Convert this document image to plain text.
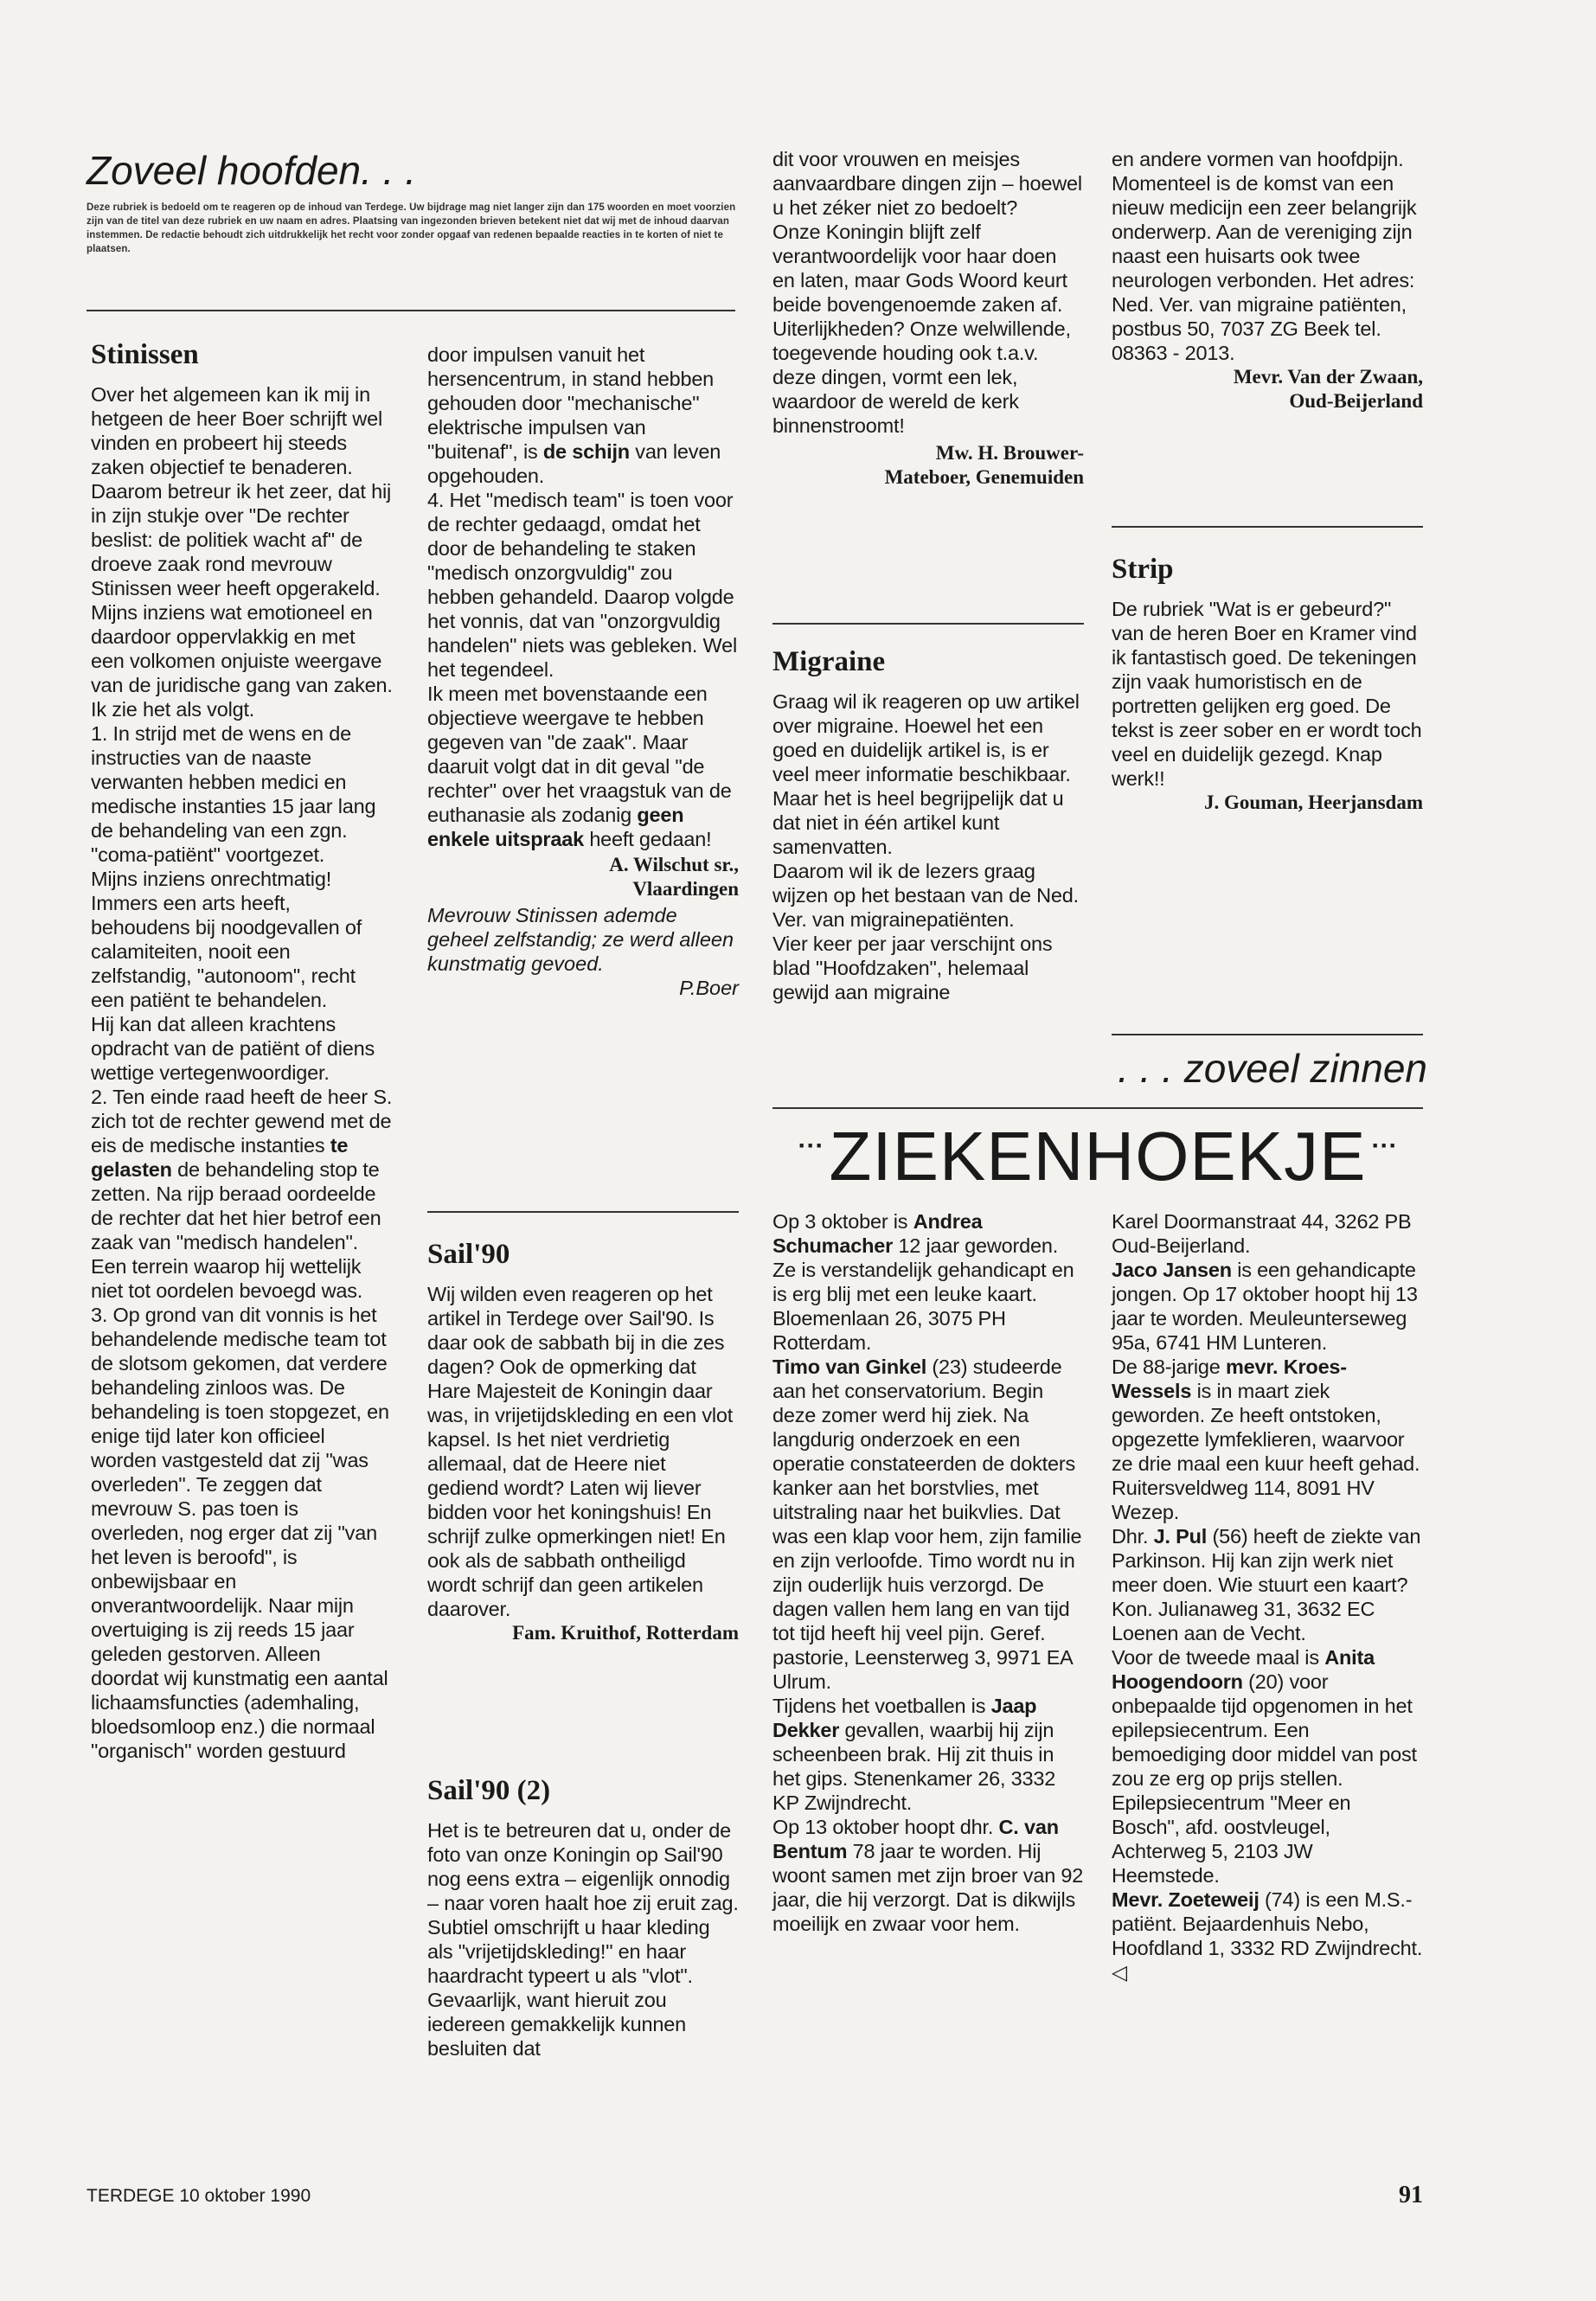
Zoveel hoofden. . .

Deze rubriek is bedoeld om te reageren op de inhoud van Terdege. Uw bijdrage mag niet langer zijn dan 175 woorden en moet voorzien zijn van de titel van deze rubriek en uw naam en adres. Plaatsing van ingezonden brieven betekent niet dat wij met de inhoud daarvan instemmen. De redactie behoudt zich uitdrukkelijk het recht voor zonder opgaaf van redenen bepaalde reacties in te korten of niet te plaatsen.

Stinissen

Over het algemeen kan ik mij in hetgeen de heer Boer schrijft wel vinden en probeert hij steeds zaken objectief te benaderen.

Daarom betreur ik het zeer, dat hij in zijn stukje over "De rechter beslist: de politiek wacht af" de droeve zaak rond mevrouw Stinissen weer heeft opgerakeld.

Mijns inziens wat emotioneel en daardoor oppervlakkig en met een volkomen onjuiste weergave van de juridische gang van zaken. Ik zie het als volgt.

1. In strijd met de wens en de instructies van de naaste verwanten hebben medici en medische instanties 15 jaar lang de behandeling van een zgn. "coma-patiënt" voortgezet.

Mijns inziens onrechtmatig! Immers een arts heeft, behoudens bij noodgevallen of calamiteiten, nooit een zelfstandig, "autonoom", recht een patiënt te behandelen.

Hij kan dat alleen krachtens opdracht van de patiënt of diens wettige vertegenwoordiger.

2. Ten einde raad heeft de heer S. zich tot de rechter gewend met de eis de medische instanties te gelasten de behandeling stop te zetten. Na rijp beraad oordeelde de rechter dat het hier betrof een zaak van "medisch handelen". Een terrein waarop hij wettelijk niet tot oordelen bevoegd was.

3. Op grond van dit vonnis is het behandelende medische team tot de slotsom gekomen, dat verdere behandeling zinloos was. De behandeling is toen stopgezet, en enige tijd later kon officieel worden vastgesteld dat zij "was overleden". Te zeggen dat mevrouw S. pas toen is overleden, nog erger dat zij "van het leven is beroofd", is onbewijsbaar en onverantwoordelijk. Naar mijn overtuiging is zij reeds 15 jaar geleden gestorven. Alleen doordat wij kunstmatig een aantal lichaamsfuncties (ademhaling, bloedsomloop enz.) die normaal "organisch" worden gestuurd

door impulsen vanuit het hersencentrum, in stand hebben gehouden door "mechanische" elektrische impulsen van "buitenaf", is de schijn van leven opgehouden.

4. Het "medisch team" is toen voor de rechter gedaagd, omdat het door de behandeling te staken "medisch onzorgvuldig" zou hebben gehandeld. Daarop volgde het vonnis, dat van "onzorgvuldig handelen" niets was gebleken. Wel het tegendeel.

Ik meen met bovenstaande een objectieve weergave te hebben gegeven van "de zaak". Maar daaruit volgt dat in dit geval "de rechter" over het vraagstuk van de euthanasie als zodanig geen enkele uitspraak heeft gedaan!

A. Wilschut sr.,

Vlaardingen

Mevrouw Stinissen ademde geheel zelfstandig; ze werd alleen kunstmatig gevoed.

P.Boer

Sail'90

Wij wilden even reageren op het artikel in Terdege over Sail'90. Is daar ook de sabbath bij in die zes dagen? Ook de opmerking dat Hare Majesteit de Koningin daar was, in vrijetijdskleding en een vlot kapsel. Is het niet verdrietig allemaal, dat de Heere niet gediend wordt? Laten wij liever bidden voor het koningshuis! En schrijf zulke opmerkingen niet! En ook als de sabbath ontheiligd wordt schrijf dan geen artikelen daarover.

Fam. Kruithof, Rotterdam

Sail'90 (2)

Het is te betreuren dat u, onder de foto van onze Koningin op Sail'90 nog eens extra – eigenlijk onnodig – naar voren haalt hoe zij eruit zag.

Subtiel omschrijft u haar kleding als "vrijetijdskleding!" en haar haardracht typeert u als "vlot". Gevaarlijk, want hieruit zou iedereen gemakkelijk kunnen besluiten dat

dit voor vrouwen en meisjes aanvaardbare dingen zijn – hoewel u het zéker niet zo bedoelt?

Onze Koningin blijft zelf verantwoordelijk voor haar doen en laten, maar Gods Woord keurt beide bovengenoemde zaken af. Uiterlijkheden? Onze welwillende, toegevende houding ook t.a.v. deze dingen, vormt een lek, waardoor de wereld de kerk binnenstroomt!

Mw. H. Brouwer-

Mateboer, Genemuiden

Migraine

Graag wil ik reageren op uw artikel over migraine. Hoewel het een goed en duidelijk artikel is, is er veel meer informatie beschikbaar.

Maar het is heel begrijpelijk dat u dat niet in één artikel kunt samenvatten.

Daarom wil ik de lezers graag wijzen op het bestaan van de Ned. Ver. van migrainepatiënten.

Vier keer per jaar verschijnt ons blad "Hoofdzaken", helemaal gewijd aan migraine

en andere vormen van hoofdpijn. Momenteel is de komst van een nieuw medicijn een zeer belangrijk onderwerp. Aan de vereniging zijn naast een huisarts ook twee neurologen verbonden. Het adres: Ned. Ver. van migraine patiënten, postbus 50, 7037 ZG Beek tel. 08363 - 2013.

Mevr. Van der Zwaan,

Oud-Beijerland

Strip

De rubriek "Wat is er gebeurd?" van de heren Boer en Kramer vind ik fantastisch goed. De tekeningen zijn vaak humoristisch en de portretten gelijken erg goed. De tekst is zeer sober en er wordt toch veel en duidelijk gezegd. Knap werk!!

J. Gouman, Heerjansdam

. . . zoveel zinnen
··· ZIEKENHOEKJE ···

Op 3 oktober is Andrea Schumacher 12 jaar geworden. Ze is verstandelijk gehandicapt en is erg blij met een leuke kaart. Bloemenlaan 26, 3075 PH Rotterdam.

Timo van Ginkel (23) studeerde aan het conservatorium. Begin deze zomer werd hij ziek. Na langdurig onderzoek en een operatie constateerden de dokters kanker aan het borstvlies, met uitstraling naar het buikvlies. Dat was een klap voor hem, zijn familie en zijn verloofde. Timo wordt nu in zijn ouderlijk huis verzorgd. De dagen vallen hem lang en van tijd tot tijd heeft hij veel pijn. Geref. pastorie, Leensterweg 3, 9971 EA Ulrum.

Tijdens het voetballen is Jaap Dekker gevallen, waarbij hij zijn scheenbeen brak. Hij zit thuis in het gips. Stenenkamer 26, 3332 KP Zwijndrecht.

Op 13 oktober hoopt dhr. C. van Bentum 78 jaar te worden. Hij woont samen met zijn broer van 92 jaar, die hij verzorgt. Dat is dikwijls moeilijk en zwaar voor hem.

Karel Doormanstraat 44, 3262 PB Oud-Beijerland.

Jaco Jansen is een gehandicapte jongen. Op 17 oktober hoopt hij 13 jaar te worden. Meuleunterseweg 95a, 6741 HM Lunteren.

De 88-jarige mevr. Kroes-Wessels is in maart ziek geworden. Ze heeft ontstoken, opgezette lymfeklieren, waarvoor ze drie maal een kuur heeft gehad. Ruitersveldweg 114, 8091 HV Wezep.

Dhr. J. Pul (56) heeft de ziekte van Parkinson. Hij kan zijn werk niet meer doen. Wie stuurt een kaart? Kon. Julianaweg 31, 3632 EC Loenen aan de Vecht.

Voor de tweede maal is Anita Hoogendoorn (20) voor onbepaalde tijd opgenomen in het epilepsiecentrum. Een bemoediging door middel van post zou ze erg op prijs stellen. Epilepsiecentrum "Meer en Bosch", afd. oostvleugel, Achterweg 5, 2103 JW Heemstede.

Mevr. Zoeteweij (74) is een M.S.-patiënt. Bejaardenhuis Nebo, Hoofdland 1, 3332 RD Zwijndrecht. ◁

TERDEGE 10 oktober 1990	91
